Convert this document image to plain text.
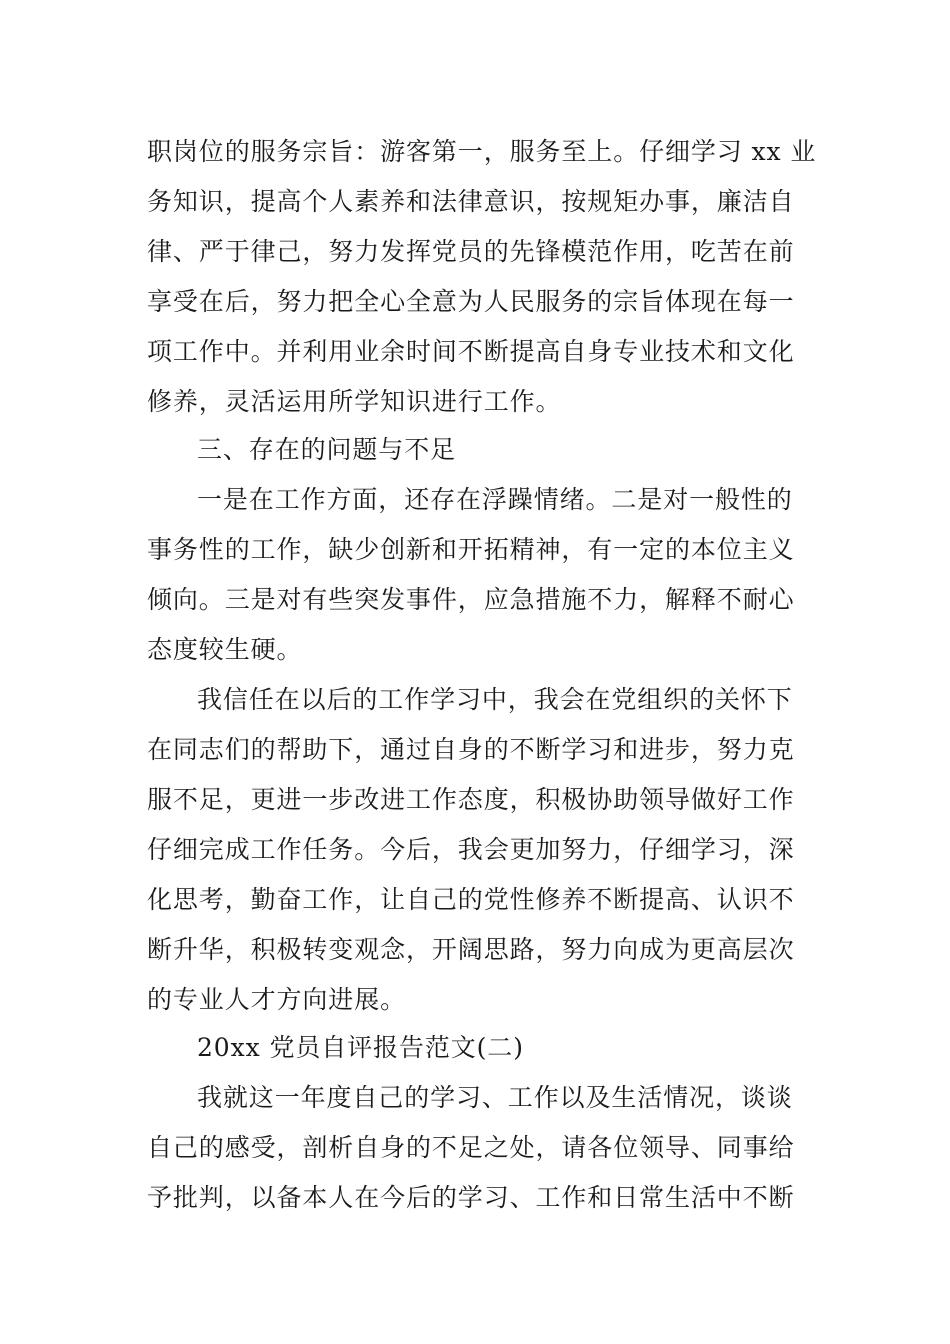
职岗位的服务宗旨：游客第一，服务至上。仔细学习 xx 业
务知识，提高个人素养和法律意识，按规矩办事，廉洁自
律、严于律己，努力发挥党员的先锋模范作用，吃苦在前
享受在后，努力把全心全意为人民服务的宗旨体现在每一
项工作中。并利用业余时间不断提高自身专业技术和文化
修养，灵活运用所学知识进行工作。
三、存在的问题与不足
一是在工作方面，还存在浮躁情绪。二是对一般性的
事务性的工作，缺少创新和开拓精神，有一定的本位主义
倾向。三是对有些突发事件，应急措施不力，解释不耐心
态度较生硬。
我信任在以后的工作学习中，我会在党组织的关怀下
在同志们的帮助下，通过自身的不断学习和进步，努力克
服不足，更进一步改进工作态度，积极协助领导做好工作
仔细完成工作任务。今后，我会更加努力，仔细学习，深
化思考，勤奋工作，让自己的党性修养不断提高、认识不
断升华，积极转变观念，开阔思路，努力向成为更高层次
的专业人才方向进展。
20xx 党员自评报告范文(二)
我就这一年度自己的学习、工作以及生活情况，谈谈
自己的感受，剖析自身的不足之处，请各位领导、同事给
予批判，以备本人在今后的学习、工作和日常生活中不断
